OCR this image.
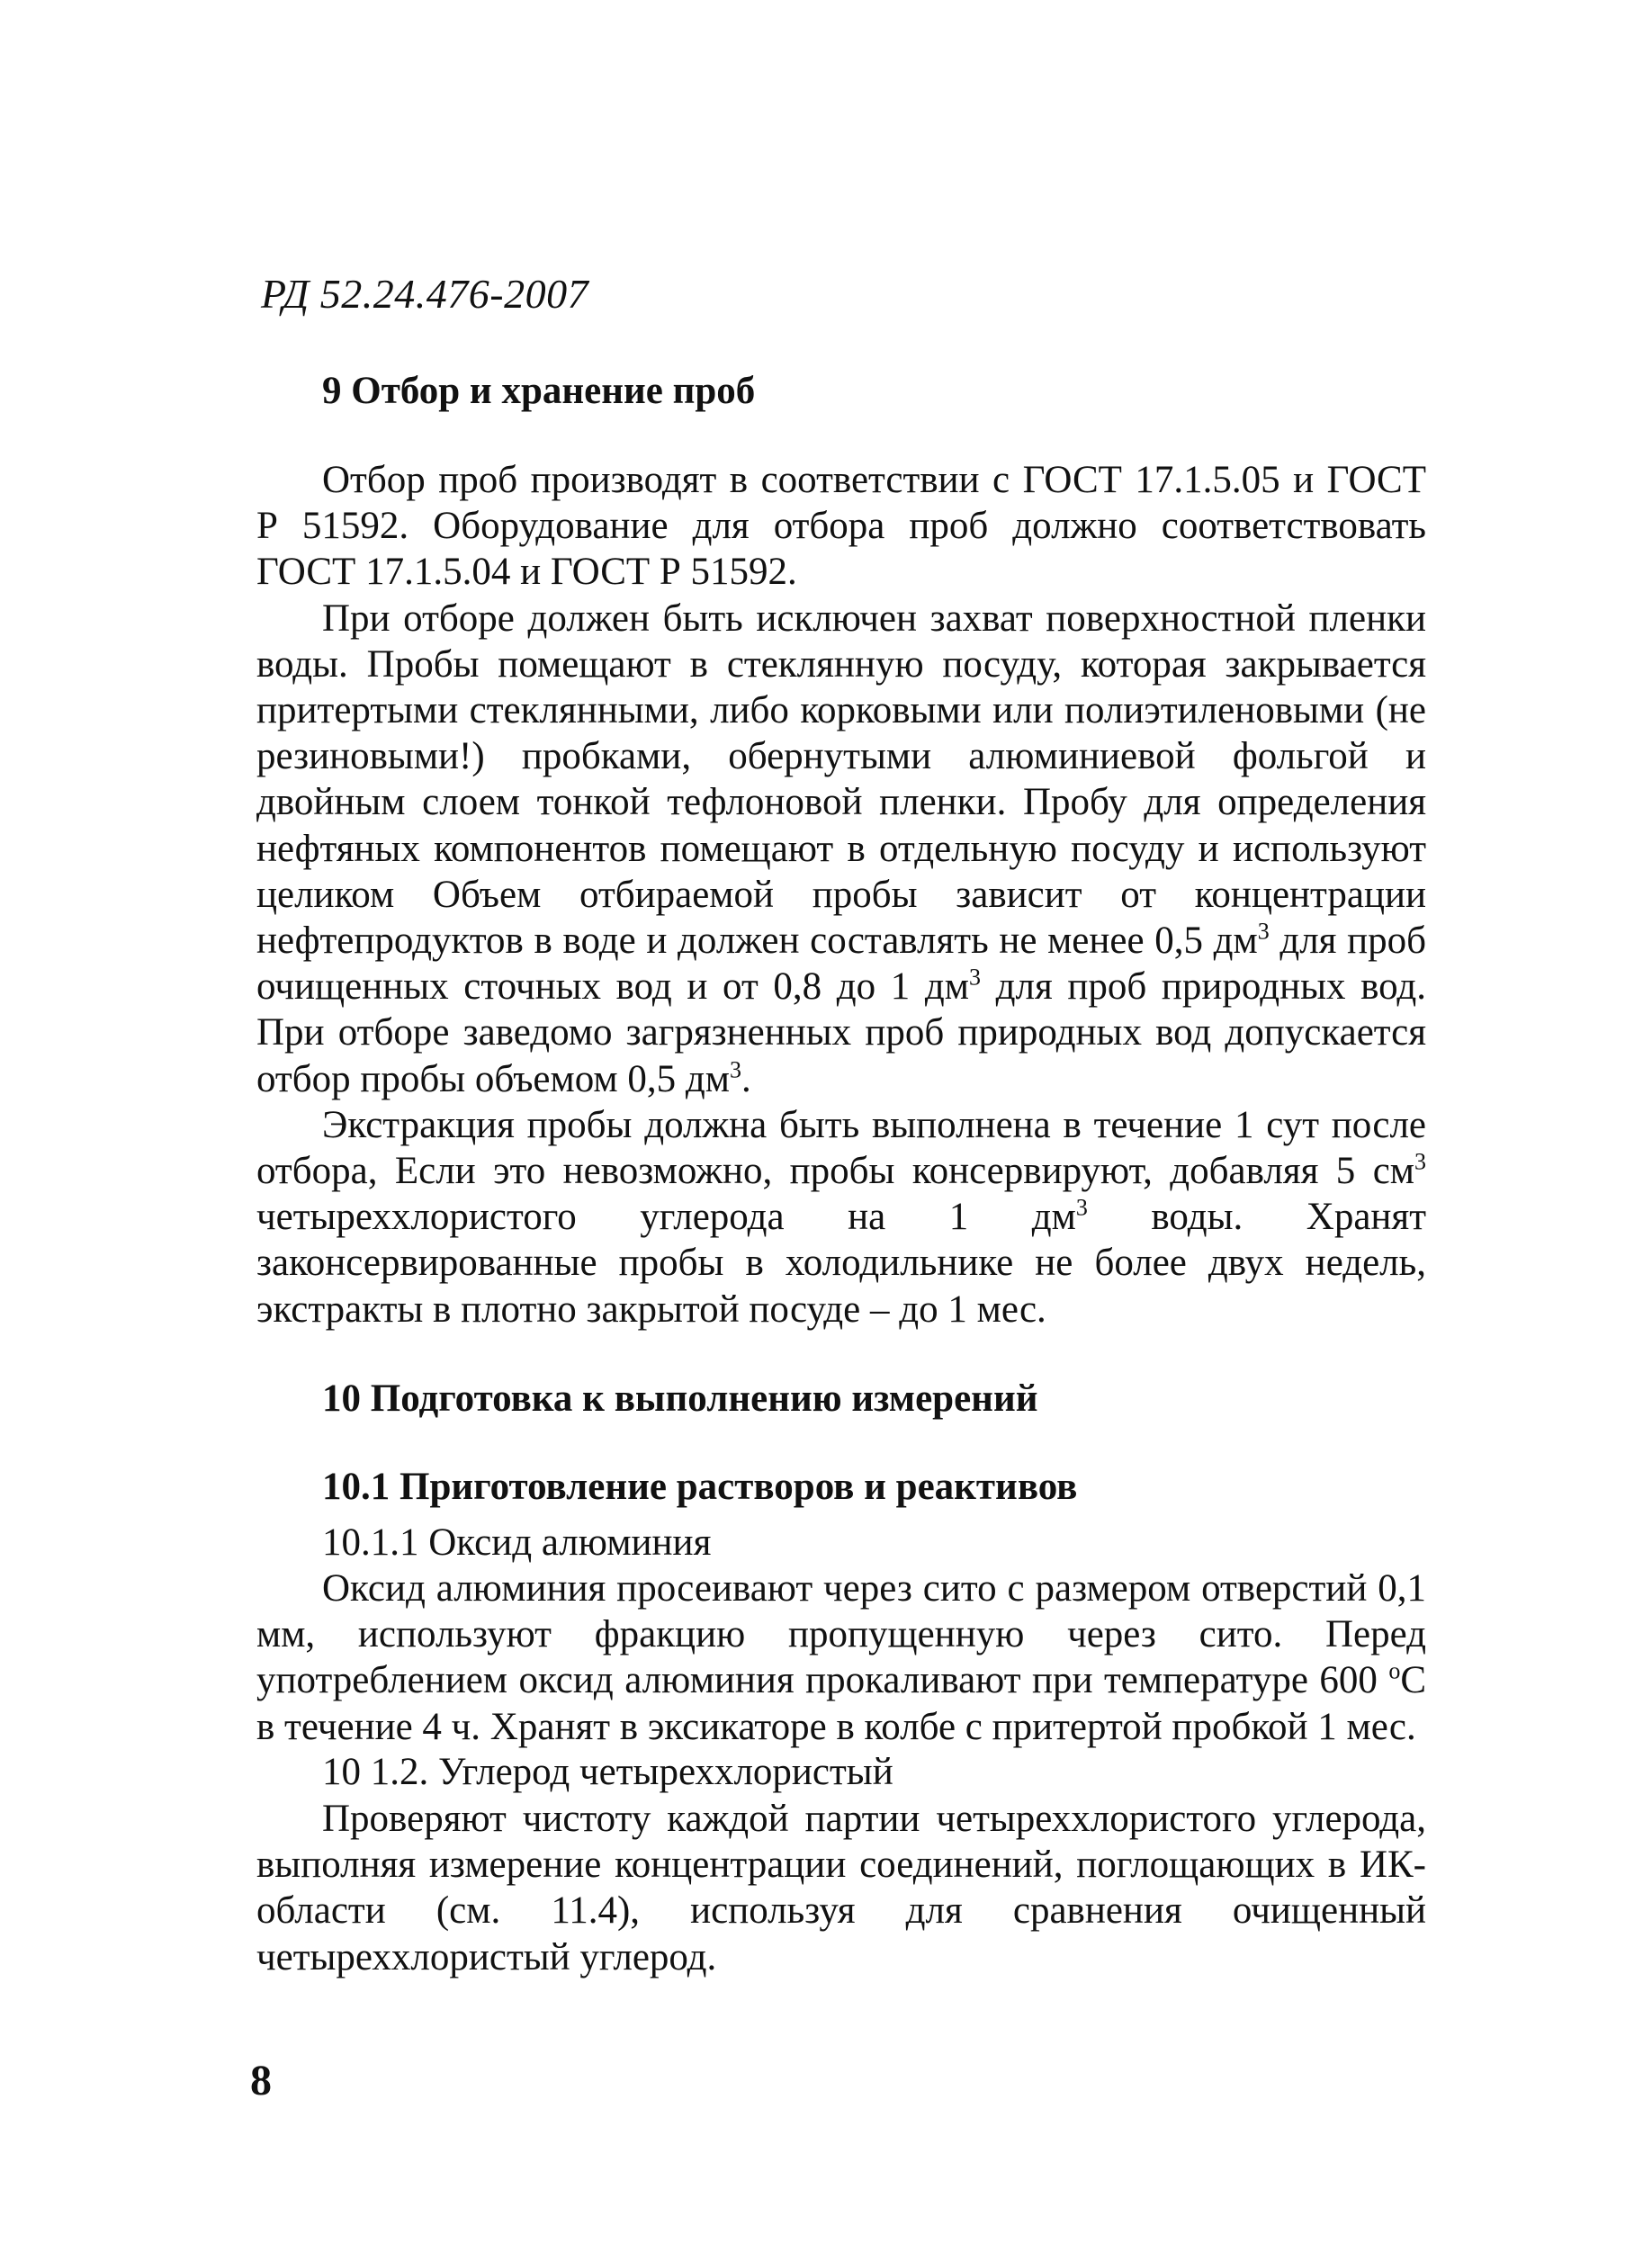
РД 52.24.476-2007
9 Отбор и хранение проб

Отбор проб производят в соответствии с ГОСТ 17.1.5.05 и ГОСТ Р 51592. Оборудование для отбора проб должно соответствовать ГОСТ 17.1.5.04 и ГОСТ Р 51592.

При отборе должен быть исключен захват поверхностной пленки воды. Пробы помещают в стеклянную посуду, которая закрывается притертыми стеклянными, либо корковыми или полиэтиленовыми (не резиновыми!) пробками, обернутыми алюминиевой фольгой и двойным слоем тонкой тефлоновой пленки. Пробу для определения нефтяных компонентов помещают в отдельную посуду и используют целиком Объем отбираемой пробы зависит от концентрации нефтепродуктов в воде и должен составлять не менее 0,5 $дм^3$ для проб очищенных сточных вод и от 0,8 до 1 $дм^3$ для проб природных вод. При отборе заведомо загрязненных проб природных вод допускается отбор пробы объемом 0,5 $дм^3$.

Экстракция пробы должна быть выполнена в течение 1 сут после отбора, Если это невозможно, пробы консервируют, добавляя 5 $см^3$ четыреххлористого углерода на 1 $дм^3$ воды. Хранят законсервированные пробы в холодильнике не более двух недель, экстракты в плотно закрытой посуде – до 1 мес.

10 Подготовка к выполнению измерений
10.1 Приготовление растворов и реактивов
10.1.1 Оксид алюминия

Оксид алюминия просеивают через сито с размером отверстий 0,1 мм, используют фракцию пропущенную через сито. Перед употреблением оксид алюминия прокаливают при температуре 600 $^о$С в течение 4 ч. Хранят в эксикаторе в колбе с притертой пробкой 1 мес.

10 1.2. Углерод четыреххлористый

Проверяют чистоту каждой партии четыреххлористого углерода, выполняя измерение концентрации соединений, поглощающих в ИК-области (см. 11.4), используя для сравнения очищенный четыреххлористый углерод.

8
